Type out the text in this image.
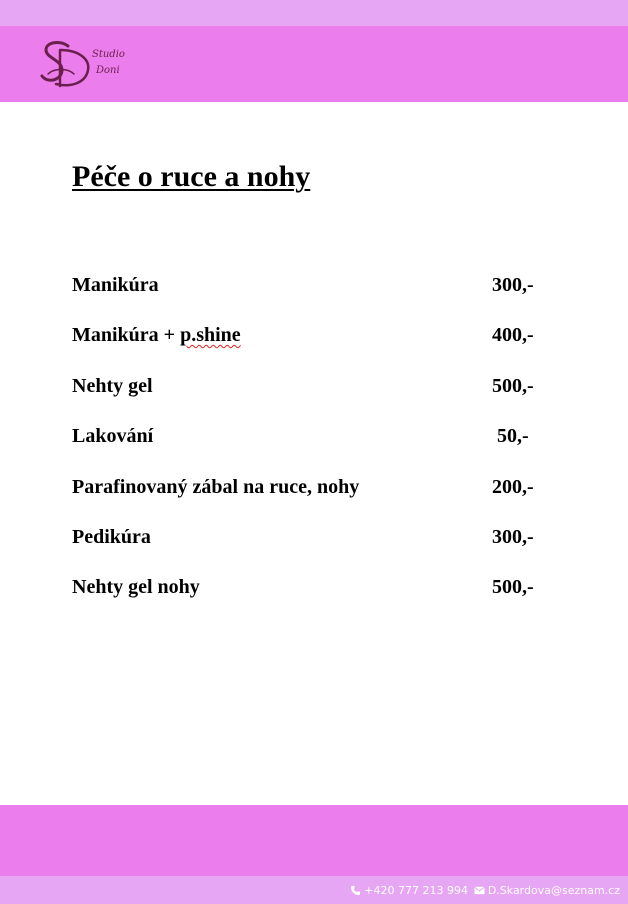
Studio
Doni
Péče o ruce a nohy
Manikúra	300,-
Manikúra + p.shine	400,-
Nehty gel	500,-
Lakování	50,-
Parafinovaný zábal na ruce, nohy	200,-
Pedikúra	300,-
Nehty gel nohy	500,-
+420 777 213 994 D.Skardova@seznam.cz
